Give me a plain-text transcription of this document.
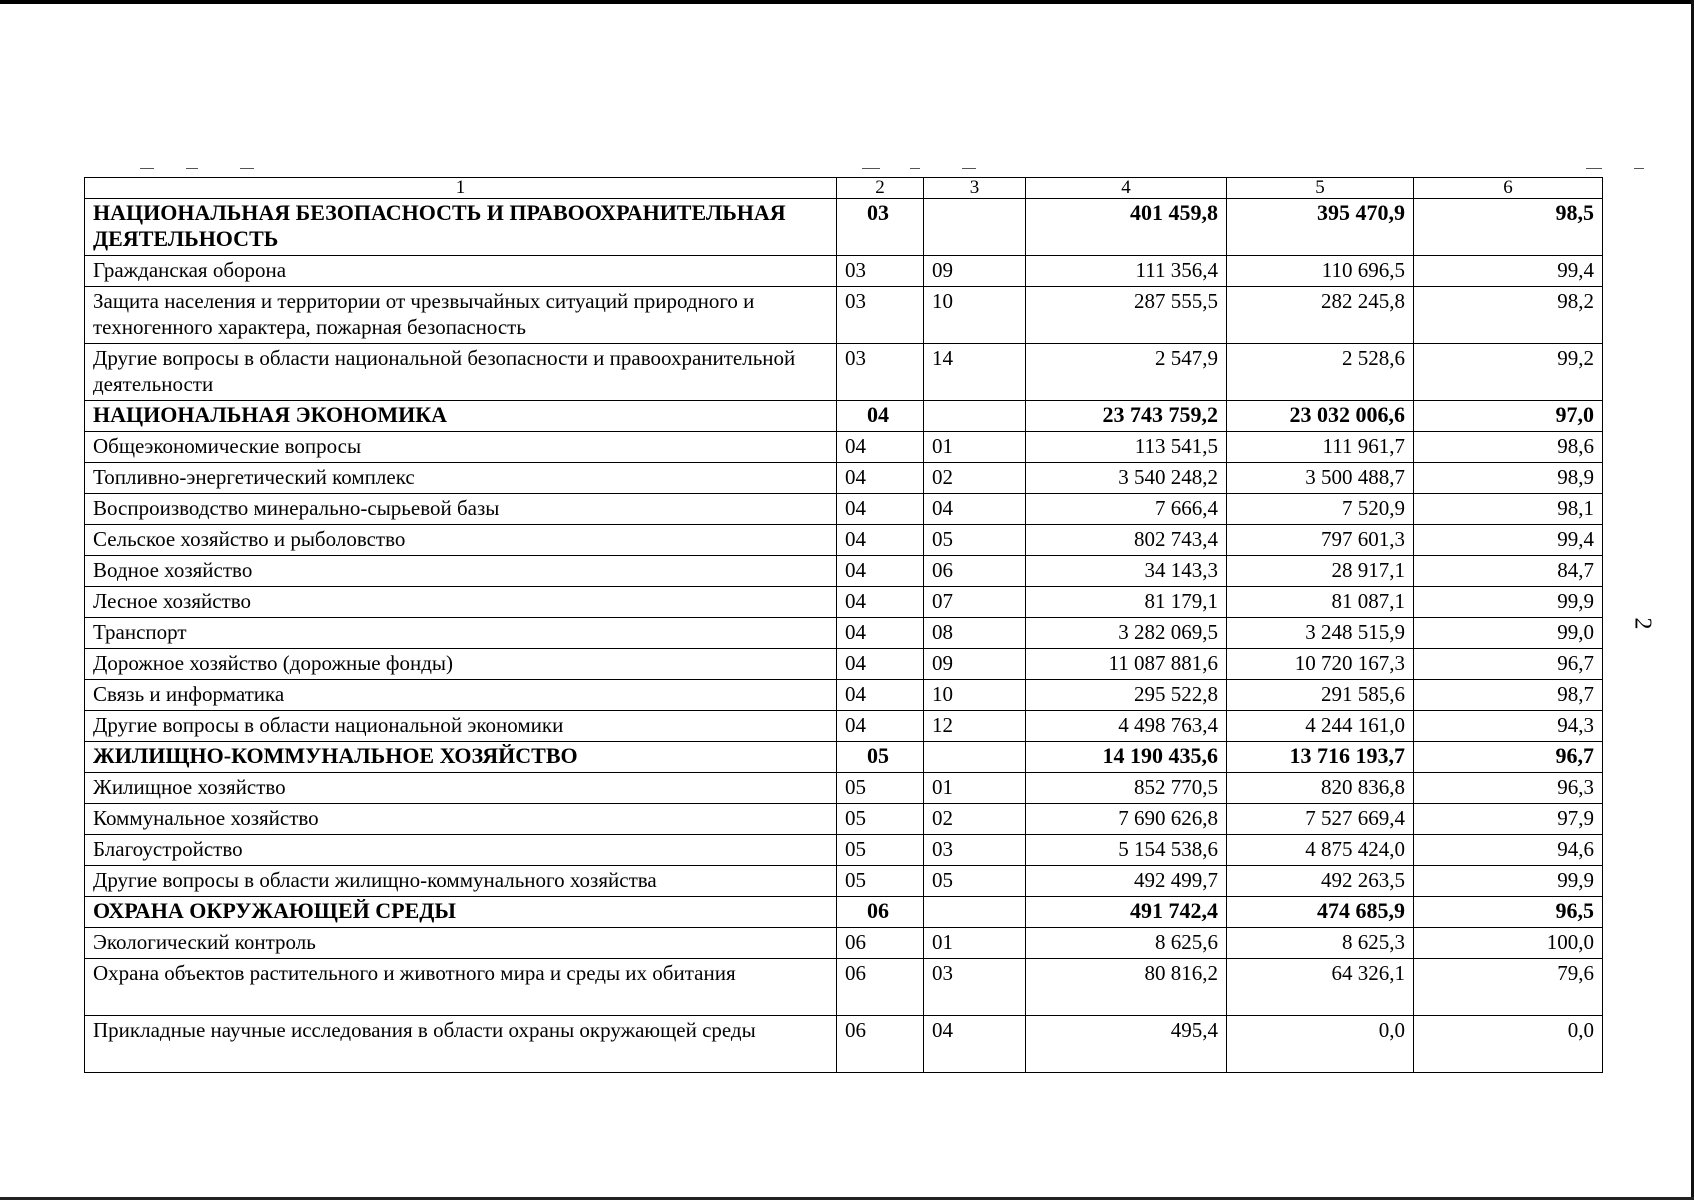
2
1	2	3	4	5	6
НАЦИОНАЛЬНАЯ БЕЗОПАСНОСТЬ И ПРАВООХРАНИТЕЛЬНАЯ ДЕЯТЕЛЬНОСТЬ	03		401 459,8	395 470,9	98,5
Гражданская оборона	03	09	111 356,4	110 696,5	99,4
Защита населения и территории от чрезвычайных ситуаций природного и техногенного характера, пожарная безопасность	03	10	287 555,5	282 245,8	98,2
Другие вопросы в области национальной безопасности и правоохранительной деятельности	03	14	2 547,9	2 528,6	99,2
НАЦИОНАЛЬНАЯ ЭКОНОМИКА	04		23 743 759,2	23 032 006,6	97,0
Общеэкономические вопросы	04	01	113 541,5	111 961,7	98,6
Топливно-энергетический комплекс	04	02	3 540 248,2	3 500 488,7	98,9
Воспроизводство минерально-сырьевой базы	04	04	7 666,4	7 520,9	98,1
Сельское хозяйство и рыболовство	04	05	802 743,4	797 601,3	99,4
Водное хозяйство	04	06	34 143,3	28 917,1	84,7
Лесное хозяйство	04	07	81 179,1	81 087,1	99,9
Транспорт	04	08	3 282 069,5	3 248 515,9	99,0
Дорожное хозяйство (дорожные фонды)	04	09	11 087 881,6	10 720 167,3	96,7
Связь и информатика	04	10	295 522,8	291 585,6	98,7
Другие вопросы в области национальной экономики	04	12	4 498 763,4	4 244 161,0	94,3
ЖИЛИЩНО-КОММУНАЛЬНОЕ ХОЗЯЙСТВО	05		14 190 435,6	13 716 193,7	96,7
Жилищное хозяйство	05	01	852 770,5	820 836,8	96,3
Коммунальное хозяйство	05	02	7 690 626,8	7 527 669,4	97,9
Благоустройство	05	03	5 154 538,6	4 875 424,0	94,6
Другие вопросы в области жилищно-коммунального хозяйства	05	05	492 499,7	492 263,5	99,9
ОХРАНА ОКРУЖАЮЩЕЙ СРЕДЫ	06		491 742,4	474 685,9	96,5
Экологический контроль	06	01	8 625,6	8 625,3	100,0
Охрана объектов растительного и животного мира и среды их обитания	06	03	80 816,2	64 326,1	79,6
Прикладные научные исследования в области охраны окружающей среды	06	04	495,4	0,0	0,0
